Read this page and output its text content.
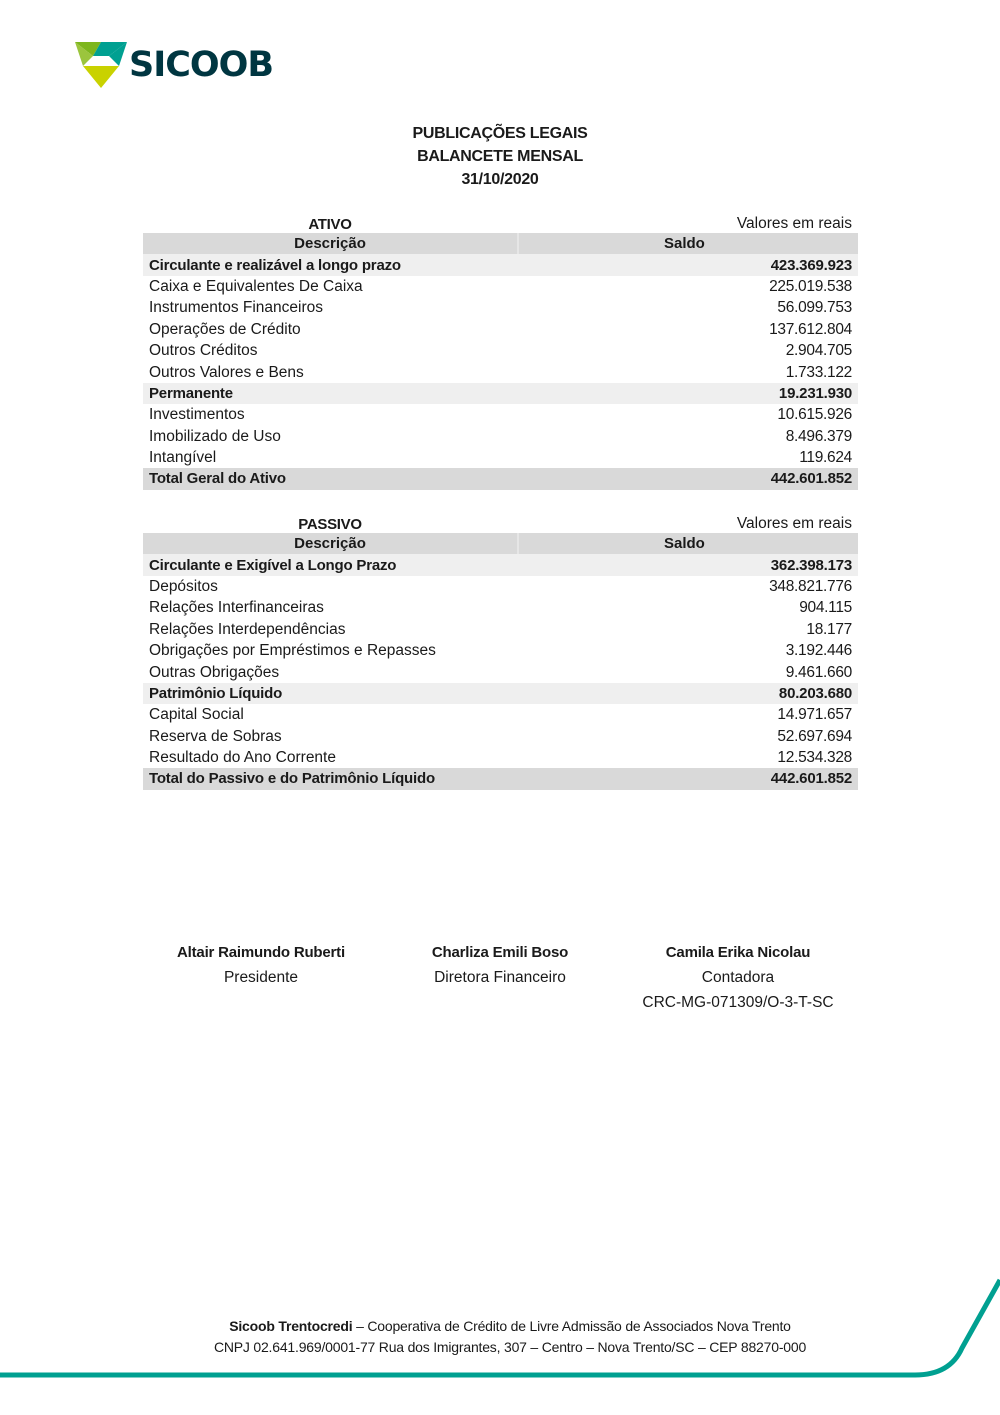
SICOOB
PUBLICAÇÕES LEGAIS
BALANCETE MENSAL
31/10/2020
ATIVO	Valores em reais
Descrição	Saldo
Circulante e realizável a longo prazo	423.369.923
Caixa e Equivalentes De Caixa	225.019.538
Instrumentos Financeiros	56.099.753
Operações de Crédito	137.612.804
Outros Créditos	2.904.705
Outros Valores e Bens	1.733.122
Permanente	19.231.930
Investimentos	10.615.926
Imobilizado de Uso	8.496.379
Intangível	119.624
Total Geral do Ativo	442.601.852
PASSIVO	Valores em reais
Descrição	Saldo
Circulante e Exigível a Longo Prazo	362.398.173
Depósitos	348.821.776
Relações Interfinanceiras	904.115
Relações Interdependências	18.177
Obrigações por Empréstimos e Repasses	3.192.446
Outras Obrigações	9.461.660
Patrimônio Líquido	80.203.680
Capital Social	14.971.657
Reserva de Sobras	52.697.694
Resultado do Ano Corrente	12.534.328
Total do Passivo e do Patrimônio Líquido	442.601.852
Altair Raimundo Ruberti
Presidente
Charliza Emili Boso
Diretora Financeiro
Camila Erika Nicolau
Contadora
CRC-MG-071309/O-3-T-SC
Sicoob Trentocredi – Cooperativa de Crédito de Livre Admissão de Associados Nova Trento
CNPJ 02.641.969/0001-77 Rua dos Imigrantes, 307 – Centro – Nova Trento/SC – CEP 88270-000
